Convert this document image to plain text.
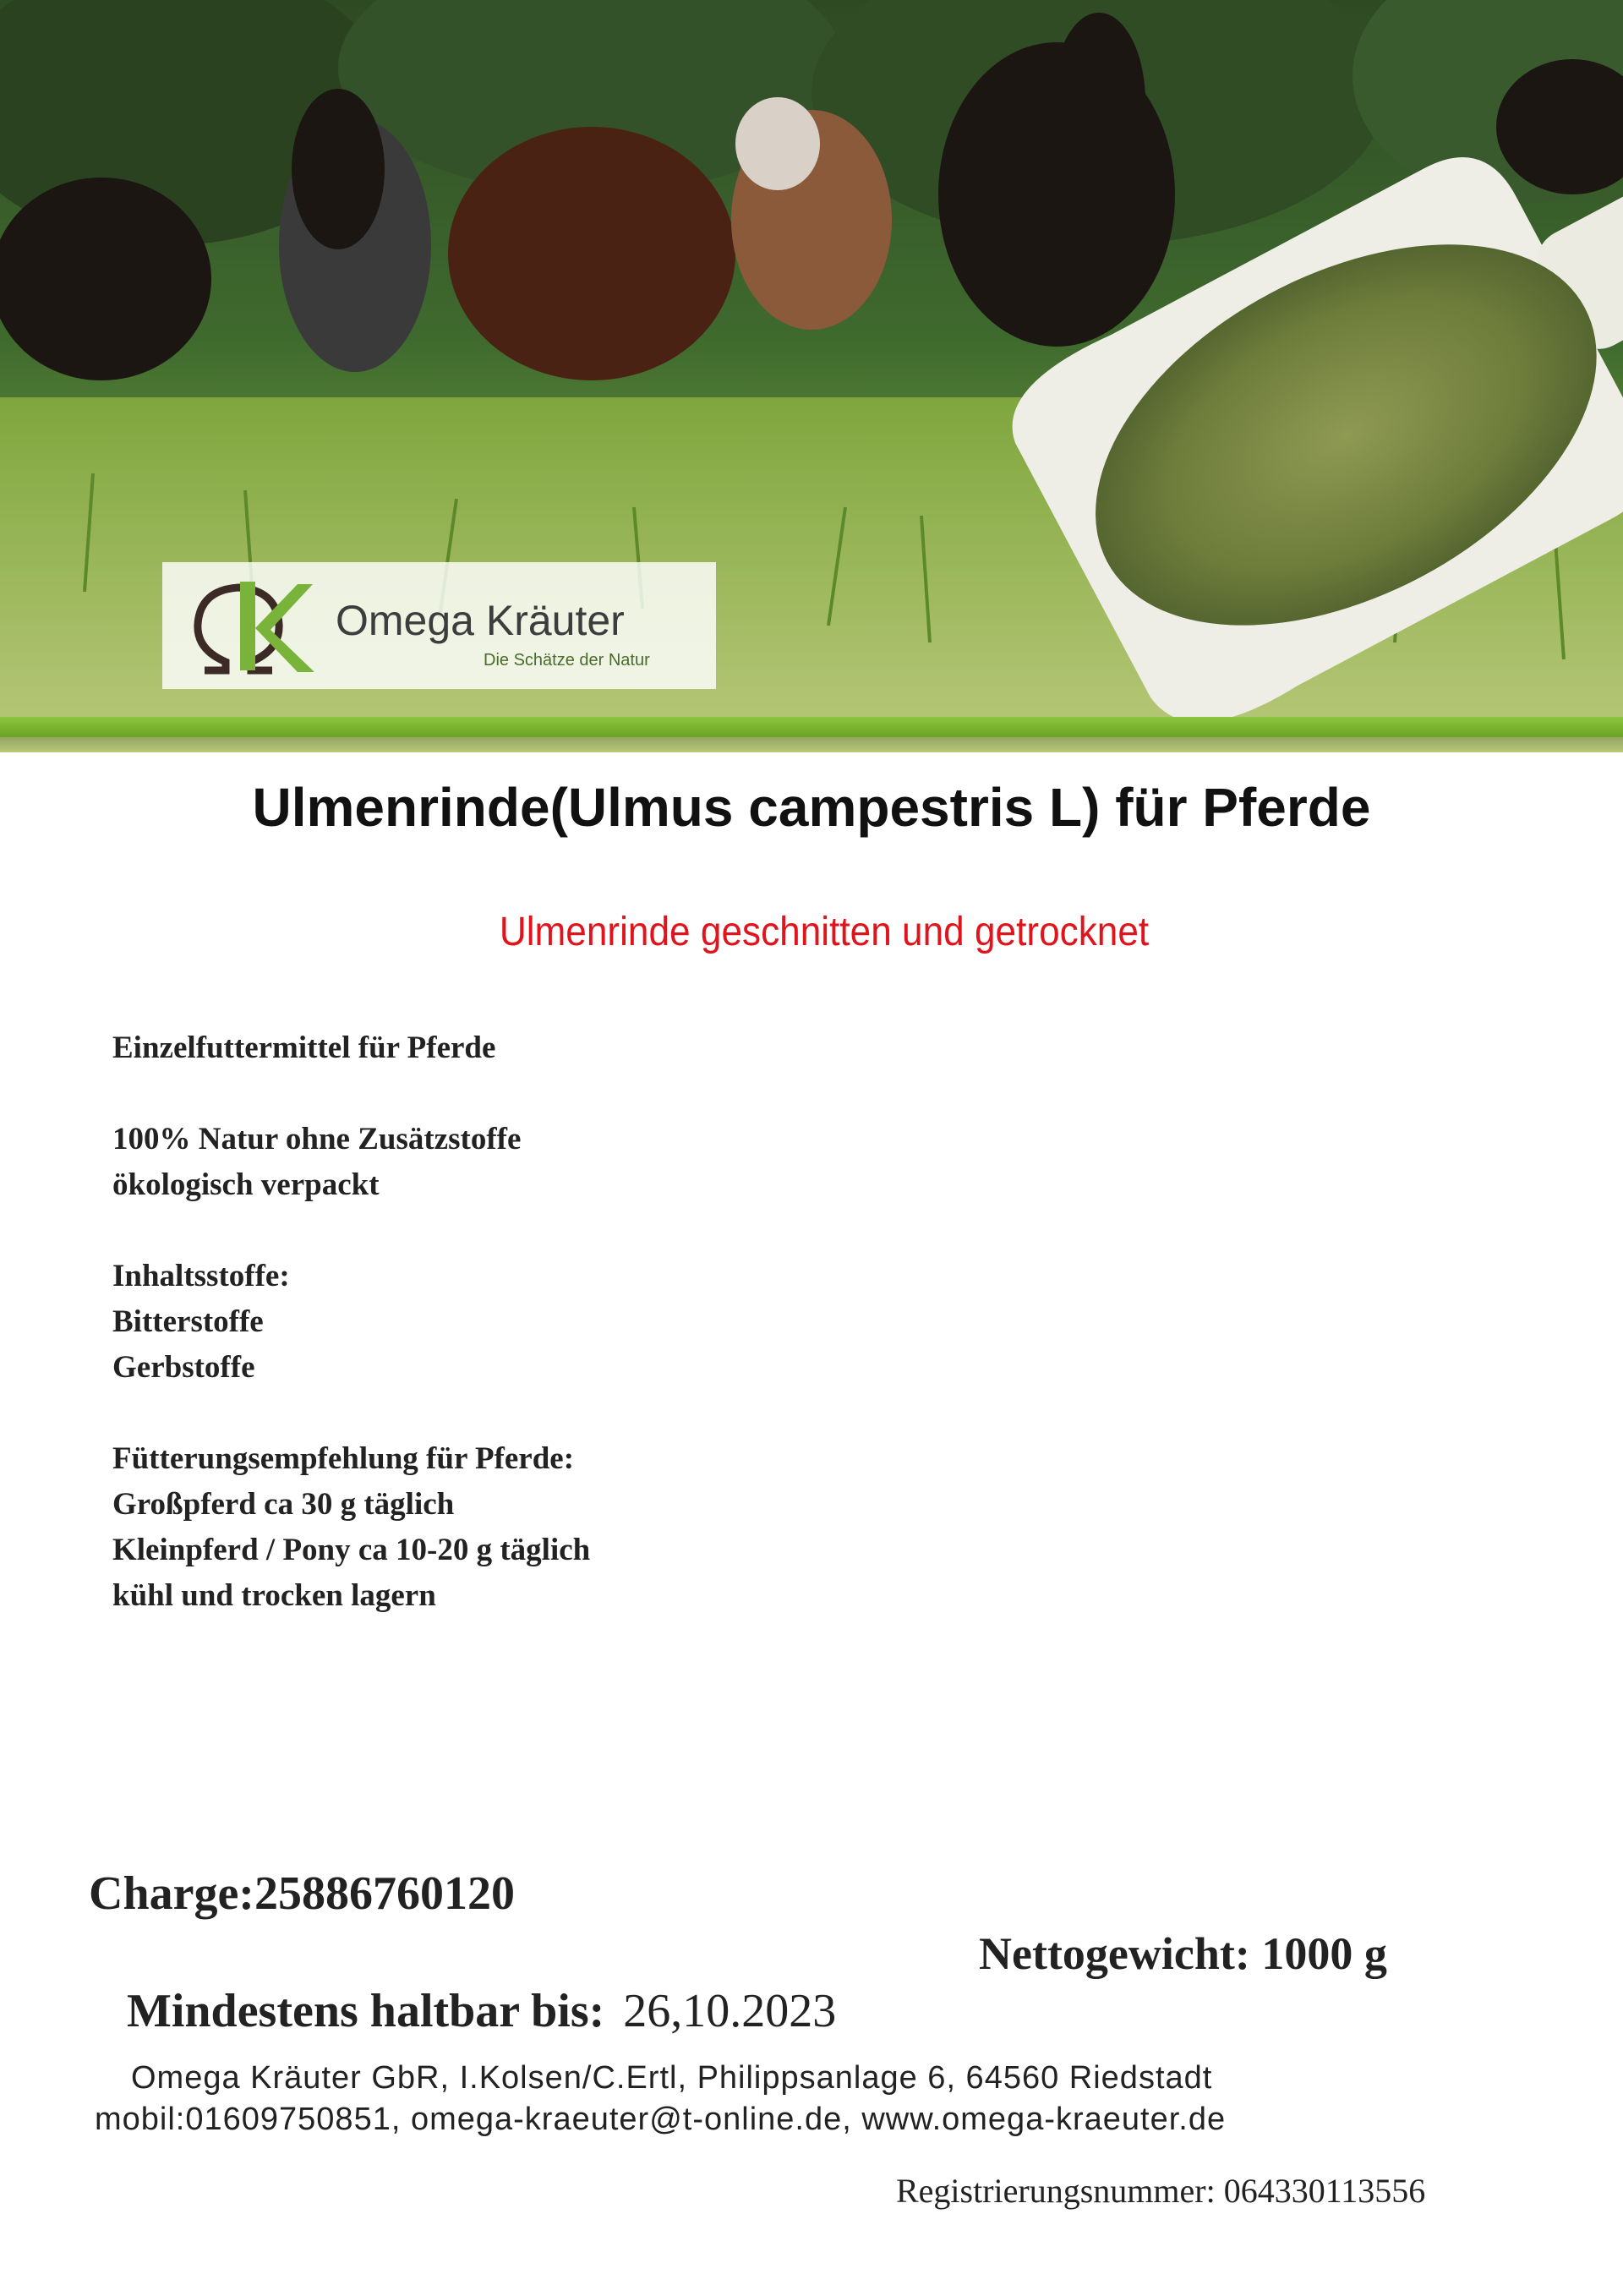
Omega Kräuter
Die Schätze der Natur
Ulmenrinde(Ulmus campestris L) für Pferde
Ulmenrinde geschnitten und getrocknet
Einzelfuttermittel für Pferde
100% Natur ohne Zusätzstoffe
ökologisch verpackt
Inhaltsstoffe:
Bitterstoffe
Gerbstoffe
Fütterungsempfehlung für Pferde:
Großpferd ca 30 g täglich
Kleinpferd / Pony ca 10-20 g täglich
kühl und trocken lagern
Charge:25886760120
Nettogewicht: 1000 g
Mindestens haltbar bis: 26,10.2023
Omega Kräuter GbR, I.Kolsen/C.Ertl, Philippsanlage 6, 64560 Riedstadt
mobil:01609750851, omega-kraeuter@t-online.de, www.omega-kraeuter.de
Registrierungsnummer: 064330113556
